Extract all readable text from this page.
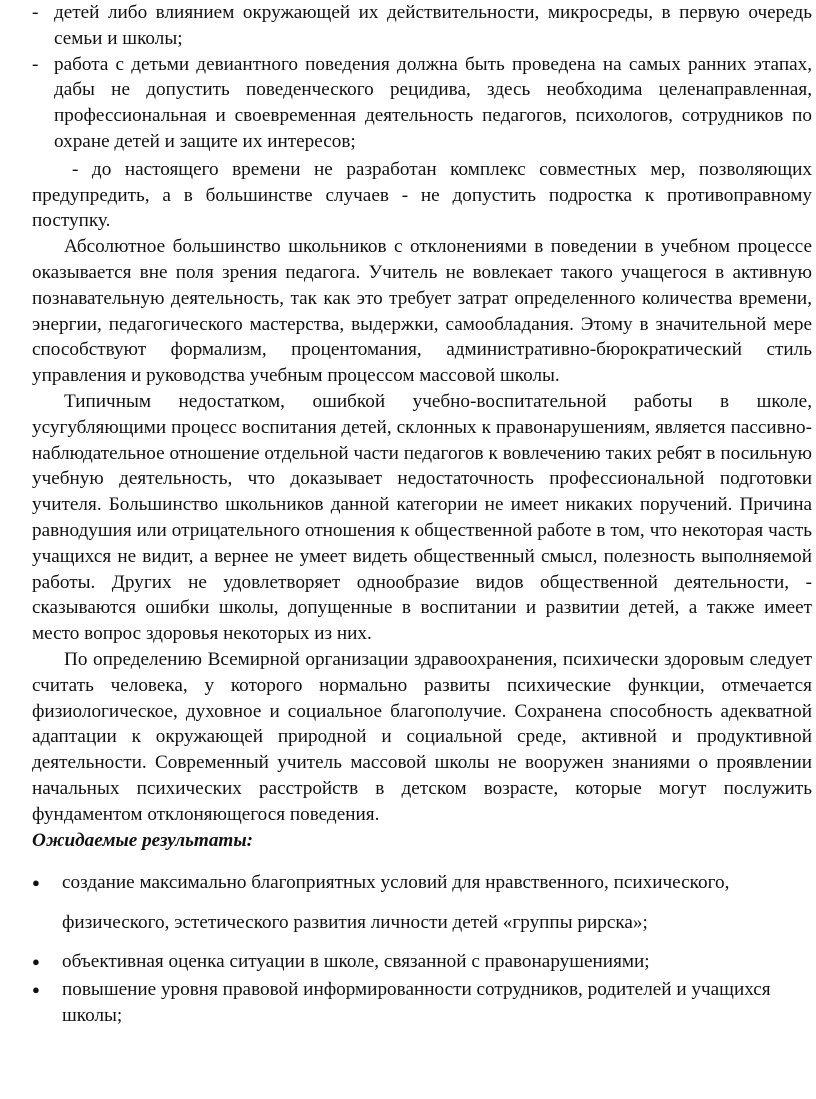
- детей либо влиянием окружающей их действительности, микросреды, в первую очередь семьи и школы;
- работа с детьми девиантного поведения должна быть проведена на самых ранних этапах, дабы не допустить поведенческого рецидива, здесь необходима целенаправленная, профессиональная и своевременная деятельность педагогов, психологов, сотрудников по охране детей и защите их интересов;
- до настоящего времени не разработан комплекс совместных мер, позволяющих предупредить, а в большинстве случаев - не допустить подростка к противоправному поступку.

Абсолютное большинство школьников с отклонениями в поведении в учебном процессе оказывается вне поля зрения педагога. Учитель не вовлекает такого учащегося в активную познавательную деятельность, так как это требует затрат определенного количества времени, энергии, педагогического мастерства, выдержки, самообладания. Этому в значительной мере способствуют формализм, процентомания, административно-бюрократический стиль управления и руководства учебным процессом массовой школы.

Типичным недостатком, ошибкой учебно-воспитательной работы в школе, усугубляющими процесс воспитания детей, склонных к правонарушениям, является пассивно-наблюдательное отношение отдельной части педагогов к вовлечению таких ребят в посильную учебную деятельность, что доказывает недостаточность профессиональной подготовки учителя. Большинство школьников данной категории не имеет никаких поручений. Причина равнодушия или отрицательного отношения к общественной работе в том, что некоторая часть учащихся не видит, а вернее не умеет видеть общественный смысл, полезность выполняемой работы. Других не удовлетворяет однообразие видов общественной деятельности, - сказываются ошибки школы, допущенные в воспитании и развитии детей, а также имеет место вопрос здоровья некоторых из них.

По определению Всемирной организации здравоохранения, психически здоровым следует считать человека, у которого нормально развиты психические функции, отмечается физиологическое, духовное и социальное благополучие. Сохранена способность адекватной адаптации к окружающей природной и социальной среде, активной и продуктивной деятельности. Современный учитель массовой школы не вооружен знаниями о проявлении начальных психических расстройств в детском возрасте, которые могут послужить фундаментом отклоняющегося поведения.

Ожидаемые результаты:

●	создание максимально благоприятных условий для нравственного, психического, физического, эстетического развития личности детей «группы рирска»;
●	объективная оценка ситуации в школе, связанной с правонарушениями;
●	повышение уровня правовой информированности сотрудников, родителей и учащихся школы;
